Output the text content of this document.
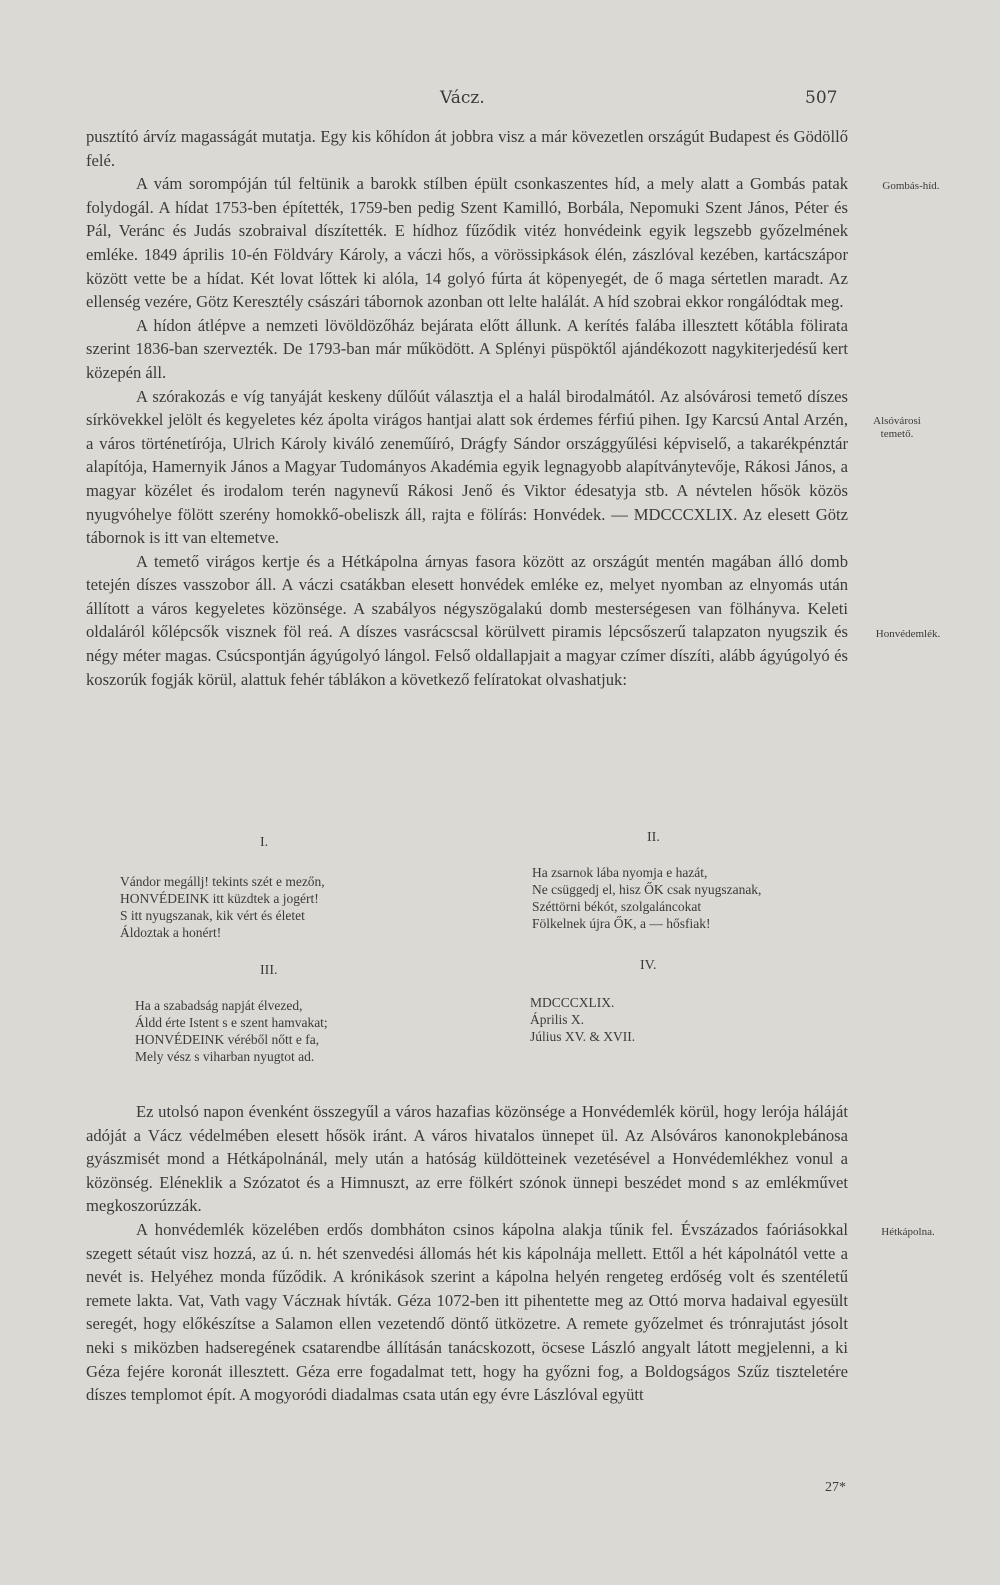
Vácz.	507

pusztító árvíz magasságát mutatja. Egy kis kőhídon át jobbra visz a már kövezetlen országút Budapest és Gödöllő felé.

A vám sorompóján túl feltünik a barokk stílben épült csonkaszentes híd, a mely alatt a Gombás patak folydogál. A hídat 1753-ben építették, 1759-ben pedig Szent Kamilló, Borbála, Nepomuki Szent János, Péter és Pál, Veránc és Judás szobraival díszítették. E hídhoz fűződik vitéz honvédeink egyik legszebb győzelmének emléke. 1849 április 10-én Földváry Károly, a váczi hős, a vörössipkások élén, zászlóval kezében, kartácszápor között vette be a hídat. Két lovat lőttek ki alóla, 14 golyó fúrta át köpenyegét, de ő maga sértetlen maradt. Az ellenség vezére, Götz Keresztély császári tábornok azonban ott lelte halálát. A híd szobrai ekkor rongálódtak meg.

A hídon átlépve a nemzeti lövöldözőház bejárata előtt állunk. A kerítés falába illesztett kőtábla fölirata szerint 1836-ban szervezték. De 1793-ban már működött. A Splényi püspöktől ajándékozott nagykiterjedésű kert közepén áll.

A szórakozás e víg tanyáját keskeny dűlőút választja el a halál birodalmától. Az alsóvárosi temető díszes sírkövekkel jelölt és kegyeletes kéz ápolta virágos hantjai alatt sok érdemes férfiú pihen. Igy Karcsú Antal Arzén, a város történetírója, Ulrich Károly kiváló zeneműíró, Drágfy Sándor országgyűlési képviselő, a takarékpénztár alapítója, Hamernyik János a Magyar Tudományos Akadémia egyik legnagyobb alapítványtevője, Rákosi János, a magyar közélet és irodalom terén nagynevű Rákosi Jenő és Viktor édesatyja stb. A névtelen hősök közös nyugvóhelye fölött szerény homokkő-obeliszk áll, rajta e fölírás: Honvédek. — MDCCCXLIX. Az elesett Götz tábornok is itt van eltemetve.

A temető virágos kertje és a Hétkápolna árnyas fasora között az országút mentén magában álló domb tetején díszes vasszobor áll. A váczi csatákban elesett honvédek emléke ez, melyet nyomban az elnyomás után állított a város kegyeletes közönsége. A szabályos négyszögalakú domb mesterségesen van fölhányva. Keleti oldaláról kőlépcsők visznek föl reá. A díszes vasrácscsal körülvett piramis lépcsőszerű talapzaton nyugszik és négy méter magas. Csúcspontján ágyúgolyó lángol. Felső oldallapjait a magyar czímer díszíti, alább ágyúgolyó és koszorúk fogják körül, alattuk fehér táblákon a következő felíratokat olvashatjuk:

Gombás-híd.
Alsóvárosi temető.
Honvédemlék.
Hétkápolna.
I.
Vándor megállj! tekints szét e mezőn,
HONVÉDEINK itt küzdtek a jogért!
S itt nyugszanak, kik vért és életet
Áldoztak a honért!
II.
Ha zsarnok lába nyomja e hazát,
Ne csüggedj el, hisz ŐK csak nyugszanak,
Széttörni békót, szolgaláncokat
Fölkelnek újra ŐK, a — hősfiak!
III.
Ha a szabadság napját élvezed,
Áldd érte Istent s e szent hamvakat;
HONVÉDEINK véréből nőtt e fa,
Mely vész s viharban nyugtot ad.
IV.
MDCCCXLIX.
Április X.
Július XV. & XVII.

Ez utolsó napon évenként összegyűl a város hazafias közönsége a Honvédemlék körül, hogy leróја háláját adóját a Vácz védelmében elesett hősök iránt. A város hivatalos ünnepet ül. Az Alsóváros kanonokplebánosa gyászmisét mond a Hétkápolnánál, mely után a hatóság küldötteinek vezetésével a Honvédemlékhez vonul a közönség. Eléneklik a Szózatot és a Himnuszt, az erre fölkért szónok ünnepi beszédet mond s az emlékművet megkoszorúzzák.

A honvédemlék közelében erdős dombháton csinos kápolna alakja tűnik fel. Évszázados faóriásokkal szegett sétaút visz hozzá, az ú. n. hét szenvedési állomás hét kis kápolnája mellett. Ettől a hét kápolnától vette a nevét is. Helyéhez monda fűződik. A krónikások szerint a kápolna helyén rengeteg erdőség volt és szentéletű remete lakta. Vat, Vath vagy Váczнak hívták. Géza 1072-ben itt pihentette meg az Ottó morva hadaival egyesült seregét, hogy előkészítse a Salamon ellen vezetendő döntő ütközetre. A remete győzelmet és trónrajutást jósolt neki s miközben hadseregének csatarendbe állításán tanácskozott, öcsese László angyalt látott megjelenni, a ki Géza fejére koronát illesztett. Géza erre fogadalmat tett, hogy ha győzni fog, a Boldogságos Szűz tiszteletére díszes templomot épít. A mogyoródi diadalmas csata után egy évre Lászlóval együtt

27*
